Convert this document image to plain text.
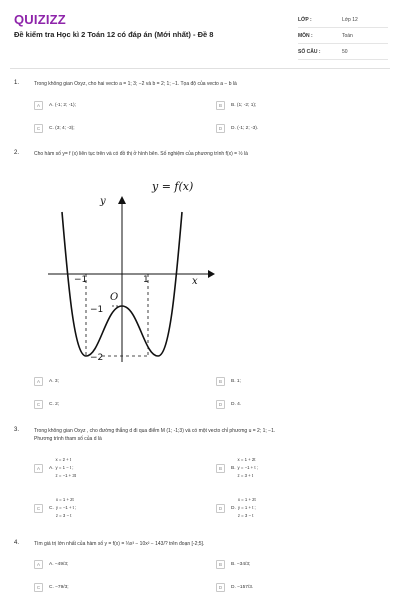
QUIZIZZ
Đề kiểm tra Học kì 2 Toán 12 có đáp án (Mới nhất) - Đề 8
LỚP :	Lớp 12
MÔN :	Toán
SỐ CÂU :	50
1.	Trong không gian Oxyz, cho hai vecto a = 1; 3; −2 và b = 2; 1; −1. Tọa độ của vecto a − b là
A	A. (-1; 2; -1);	B	B. (1; -2; 1);
C	C. (3; 4; -3);	D	D. (-1; 2; -3).
2.	Cho hàm số y= f (x) liên tục trên và có đồ thị ở hình bên. Số nghiệm của phương trình f(x) = ½ là
y = f(x)
y
x
O
−1	1
−1
−2
A	A. 3;	B	B. 1;
C	C. 2;	D	D. 4.
3.	Trong không gian Oxyz , cho đường thẳng d đi qua điểm M (1; -1;3) và có một vecto chỉ phương u = 2; 1; −1.
Phương trình tham số của d là
A	A.
x = 2 + t
y = 1 − t ;
z = −1 + 3t
B	B.
x = 1 + 2t
y = −1 + t ;
z = 3 + t
C	C.
x = 1 + 2t
y = −1 + t ;
z = 3 − t
D	D.
x = 1 + 2t
y = 1 + t ;
z = 3 − t
4.	Tìm giá trị lớn nhất của hàm số y = f(x) = ⅓x³ − 10x² − 143/? trên đoạn [-2;5].
A	A. −49/3;	B	B. −34/3;
C	C. −79/3;	D	D. −157/3.
